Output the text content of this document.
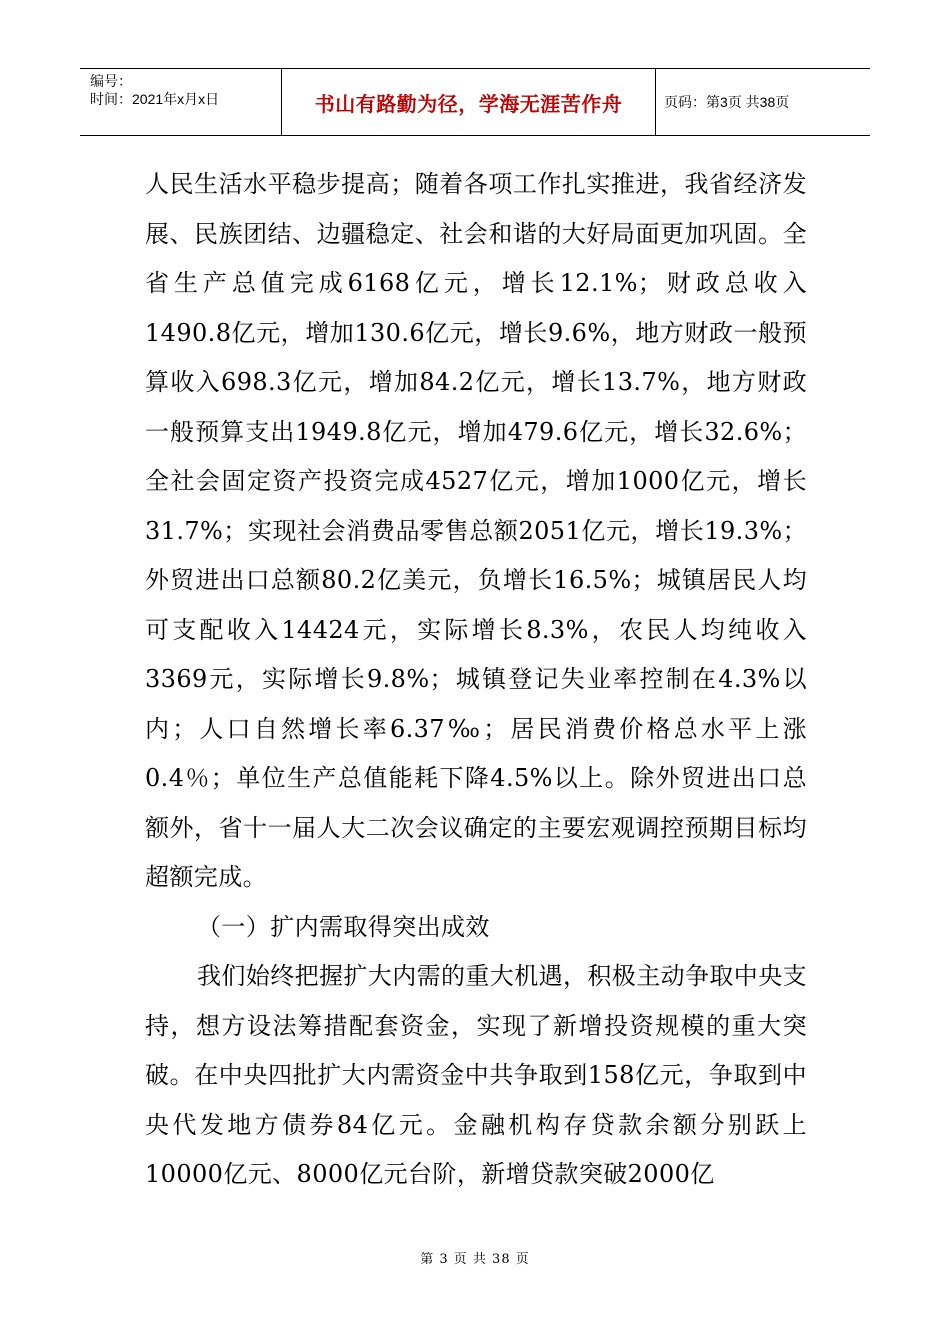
编号：
时间：2021年x月x日	书山有路勤为径，学海无涯苦作舟	页码：第3页 共38页

人民生活水平稳步提高；随着各项工作扎实推进，我省经济发展、民族团结、边疆稳定、社会和谐的大好局面更加巩固。全省生产总值完成6168亿元，增长12.1%；财政总收入1490.8亿元，增加130.6亿元，增长9.6%，地方财政一般预算收入698.3亿元，增加84.2亿元，增长13.7%，地方财政一般预算支出1949.8亿元，增加479.6亿元，增长32.6%；全社会固定资产投资完成4527亿元，增加1000亿元，增长31.7%；实现社会消费品零售总额2051亿元，增长19.3%；外贸进出口总额80.2亿美元，负增长16.5%；城镇居民人均可支配收入14424元，实际增长8.3%，农民人均纯收入3369元，实际增长9.8%；城镇登记失业率控制在4.3%以内；人口自然增长率6.37‰；居民消费价格总水平上涨0.4％；单位生产总值能耗下降4.5%以上。除外贸进出口总额外，省十一届人大二次会议确定的主要宏观调控预期目标均超额完成。

（一）扩内需取得突出成效

我们始终把握扩大内需的重大机遇，积极主动争取中央支持，想方设法筹措配套资金，实现了新增投资规模的重大突破。在中央四批扩大内需资金中共争取到158亿元，争取到中央代发地方债券84亿元。金融机构存贷款余额分别跃上10000亿元、8000亿元台阶，新增贷款突破2000亿

第 3 页 共 38 页
